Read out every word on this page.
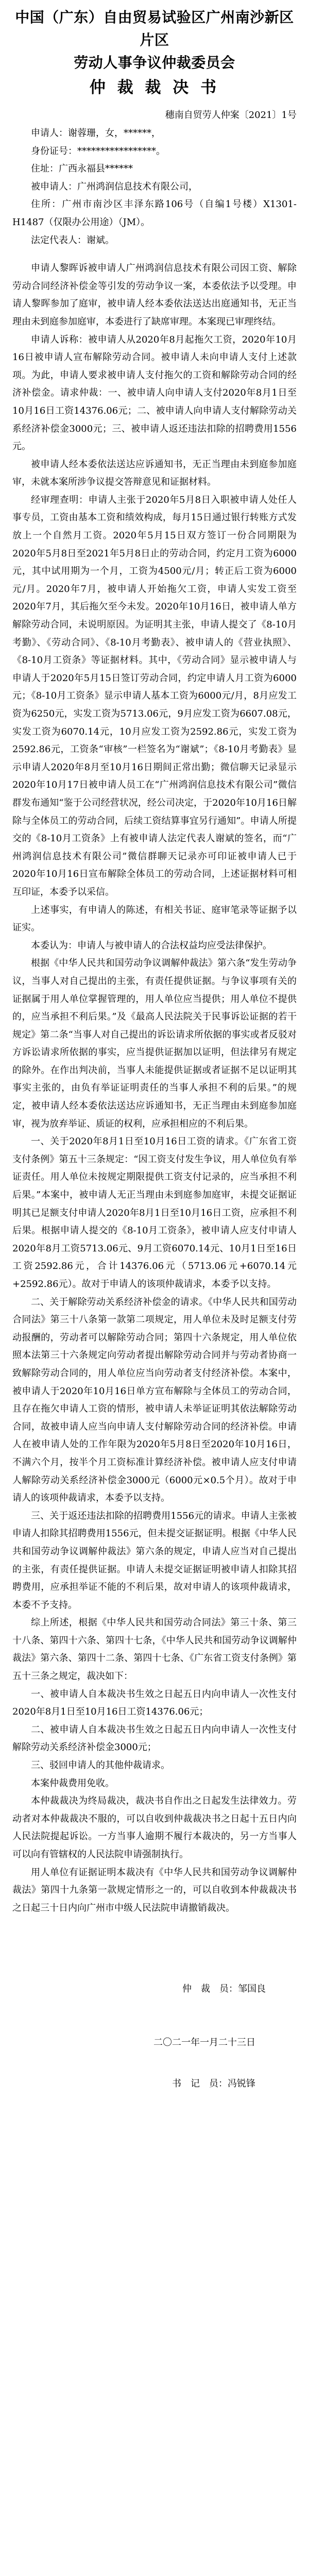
中国（广东）自由贸易试验区广州南沙新区片区
劳动人事争议仲裁委员会
仲 裁 裁 决 书
穗南自贸劳人仲案〔2021〕1号

申请人：谢蓉珊，女，******，

身份证号：*****************。

住址：广西永福县******

被申请人：广州鸿润信息技术有限公司，

住所：广州市南沙区丰泽东路106号（自编1号楼）X1301-H1487（仅限办公用途）（JM）。

法定代表人：谢斌。

申请人黎晖诉被申请人广州鸿润信息技术有限公司因工资、解除劳动合同经济补偿金等引发的劳动争议一案，本委依法予以受理。申请人黎晖参加了庭审，被申请人经本委依法送达出庭通知书，无正当理由未到庭参加庭审，本委进行了缺席审理。本案现已审理终结。

申请人诉称：被申请人从2020年8月起拖欠工资，2020年10月16日被申请人宣布解除劳动合同。被申请人未向申请人支付上述款项。为此，申请人要求被申请人支付拖欠的工资和解除劳动合同的经济补偿金。请求仲裁：一、被申请人向申请人支付2020年8月1日至10月16日工资14376.06元；二、被申请人向申请人支付解除劳动关系经济补偿金3000元；三、被申请人返还违法扣除的招聘费用1556元。

被申请人经本委依法送达应诉通知书，无正当理由未到庭参加庭审，未就本案所涉争议提交答辩意见和证据材料。

经审理查明：申请人主张于2020年5月8日入职被申请人处任人事专员，工资由基本工资和绩效构成，每月15日通过银行转账方式发放上一个自然月工资。2020年5月15日双方签订一份合同期限为2020年5月8日至2021年5月8日止的劳动合同，约定月工资为6000元，其中试用期为一个月，工资为4500元/月；转正后工资为6000元/月。2020年7月，被申请人开始拖欠工资，申请人实发工资至2020年7月，其后拖欠至今未发。2020年10月16日，被申请人单方解除劳动合同，未说明原因。为证明其主张，申请人提交了《8-10月考勤》、《劳动合同》、《8-10月考勤表》、被申请人的《营业执照》、《8-10月工资条》等证据材料。其中，《劳动合同》显示被申请人与申请人于2020年5月15日签订劳动合同，约定申请人月工资为6000元；《8-10月工资条》显示申请人基本工资为6000元/月，8月应发工资为6250元，实发工资为5713.06元，9月应发工资为6607.08元，实发工资为6070.14元，10月应发工资为2592.86元，实发工资为2592.86元，工资条“审核”一栏签名为“谢斌”；《8-10月考勤表》显示申请人2020年8月至10月16日期间正常出勤；微信聊天记录显示2020年10月17日被申请人员工在“广州鸿润信息技术有限公司”微信群发布通知“鉴于公司经营状况，经公司决定，于2020年10月16日解除与全体员工的劳动合同，后续工资结算事宜另行通知”。申请人所提交的《8-10月工资条》上有被申请人法定代表人谢斌的签名，而“广州鸿润信息技术有限公司”微信群聊天记录亦可印证被申请人已于2020年10月16日宣布解除全体员工的劳动合同，上述证据材料可相互印证，本委予以采信。

上述事实，有申请人的陈述，有相关书证、庭审笔录等证据予以证实。

本委认为：申请人与被申请人的合法权益均应受法律保护。

根据《中华人民共和国劳动争议调解仲裁法》第六条“发生劳动争议，当事人对自己提出的主张，有责任提供证据。与争议事项有关的证据属于用人单位掌握管理的，用人单位应当提供；用人单位不提供的，应当承担不利后果。”及《最高人民法院关于民事诉讼证据的若干规定》第二条“当事人对自己提出的诉讼请求所依据的事实或者反驳对方诉讼请求所依据的事实，应当提供证据加以证明，但法律另有规定的除外。在作出判决前，当事人未能提供证据或者证据不足以证明其事实主张的，由负有举证证明责任的当事人承担不利的后果。”的规定，被申请人经本委依法送达应诉通知书，无正当理由未到庭参加庭审，视为放弃举证、质证的权利，应承担相应的不利后果。

一、关于2020年8月1日至10月16日工资的请求。《广东省工资支付条例》第五十三条规定：“因工资支付发生争议，用人单位负有举证责任。用人单位未按规定期限提供工资支付记录的，应当承担不利后果。”本案中，被申请人无正当理由未到庭参加庭审，未提交证据证明其已足额支付申请人2020年8月1日至10月16日工资，应承担不利后果。根据申请人提交的《8-10月工资条》，被申请人应支付申请人2020年8月工资5713.06元、9月工资6070.14元、10月1日至16日工资2592.86元，合计14376.06元（5713.06元+6070.14元+2592.86元）。故对于申请人的该项仲裁请求，本委予以支持。

二、关于解除劳动关系经济补偿金的请求。《中华人民共和国劳动合同法》第三十八条第一款第二项规定，用人单位未及时足额支付劳动报酬的，劳动者可以解除劳动合同；第四十六条规定，用人单位依照本法第三十六条规定向劳动者提出解除劳动合同并与劳动者协商一致解除劳动合同的，用人单位应当向劳动者支付经济补偿。本案中，被申请人于2020年10月16日单方宣布解除与全体员工的劳动合同，且存在拖欠申请人工资的情形，被申请人未举证证明其依法解除劳动合同，故被申请人应当向申请人支付解除劳动合同的经济补偿。申请人在被申请人处的工作年限为2020年5月8日至2020年10月16日，不满六个月，按半个月工资标准计算经济补偿。被申请人应支付申请人解除劳动关系经济补偿金3000元（6000元×0.5个月）。故对于申请人的该项仲裁请求，本委予以支持。

三、关于返还违法扣除的招聘费用1556元的请求。申请人主张被申请人扣除其招聘费用1556元，但未提交证据证明。根据《中华人民共和国劳动争议调解仲裁法》第六条的规定，申请人应当对自己提出的主张，有责任提供证据。申请人未提交证据证明被申请人扣除其招聘费用，应承担举证不能的不利后果，故对申请人的该项仲裁请求，本委不予支持。

综上所述，根据《中华人民共和国劳动合同法》第三十条、第三十八条、第四十六条、第四十七条，《中华人民共和国劳动争议调解仲裁法》第六条、第四十二条、第四十七条、《广东省工资支付条例》第五十三条之规定，裁决如下：

一、被申请人自本裁决书生效之日起五日内向申请人一次性支付2020年8月1日至10月16日工资14376.06元；

二、被申请人自本裁决书生效之日起五日内向申请人一次性支付解除劳动关系经济补偿金3000元；

三、驳回申请人的其他仲裁请求。

本案仲裁费用免收。

本仲裁裁决为终局裁决，裁决书自作出之日起发生法律效力。劳动者对本仲裁裁决不服的，可以自收到仲裁裁决书之日起十五日内向人民法院提起诉讼。一方当事人逾期不履行本裁决的，另一方当事人可以向有管辖权的人民法院申请强制执行。

用人单位有证据证明本裁决有《中华人民共和国劳动争议调解仲裁法》第四十九条第一款规定情形之一的，可以自收到本仲裁裁决书之日起三十日内向广州市中级人民法院申请撤销裁决。

仲　裁　员：邹国良
二〇二一年一月二十三日
书　记　员：冯锐锋
